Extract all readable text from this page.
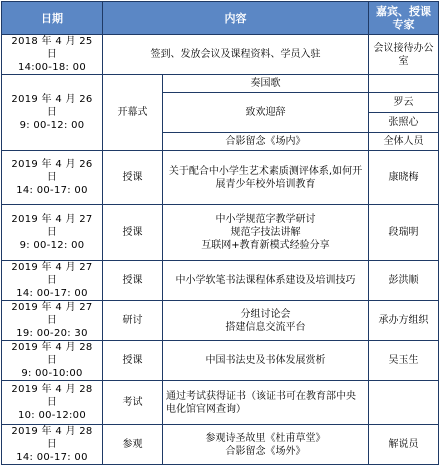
日期	内容		嘉宾、授课专家
2018 年 4 月 25 日
14:00-18: 00	签到、发放会议及课程资料、学员入驻		会议接待办公室
2019 年 4 月 26 日
9: 00-12: 00	开幕式	奏国歌	
		致欢迎辞	罗云
			张照心
		合影留念《场内》	全体人员
2019 年 4 月 26 日
14: 00-17: 00	授课	关于配合中小学生艺术素质测评体系,如何开展青少年校外培训教育	康晓梅
2019 年 4 月 27 日
9: 00-12: 00	授课	中小学规范字教学研讨
规范字技法讲解
互联网+教育新模式经验分享	段瑞明
2019 年 4 月 27 日
14: 00-17: 00	授课	中小学软笔书法课程体系建设及培训技巧	彭洪顺
2019 年 4 月 27 日
19: 00-20: 30	研讨	分组讨论会
搭建信息交流平台	承办方组织
2019 年 4 月 28 日
9: 00-10:00	授课	中国书法史及书体发展赏析	吴玉生
2019 年 4 月 28 日
10: 00-12:00	考试	通过考试获得证书（该证书可在教育部中央电化馆官网查询）	
2019 年 4 月 28 日
14: 00-17: 00	参观	参观诗圣故里《杜甫草堂》
合影留念《场外》	解说员
